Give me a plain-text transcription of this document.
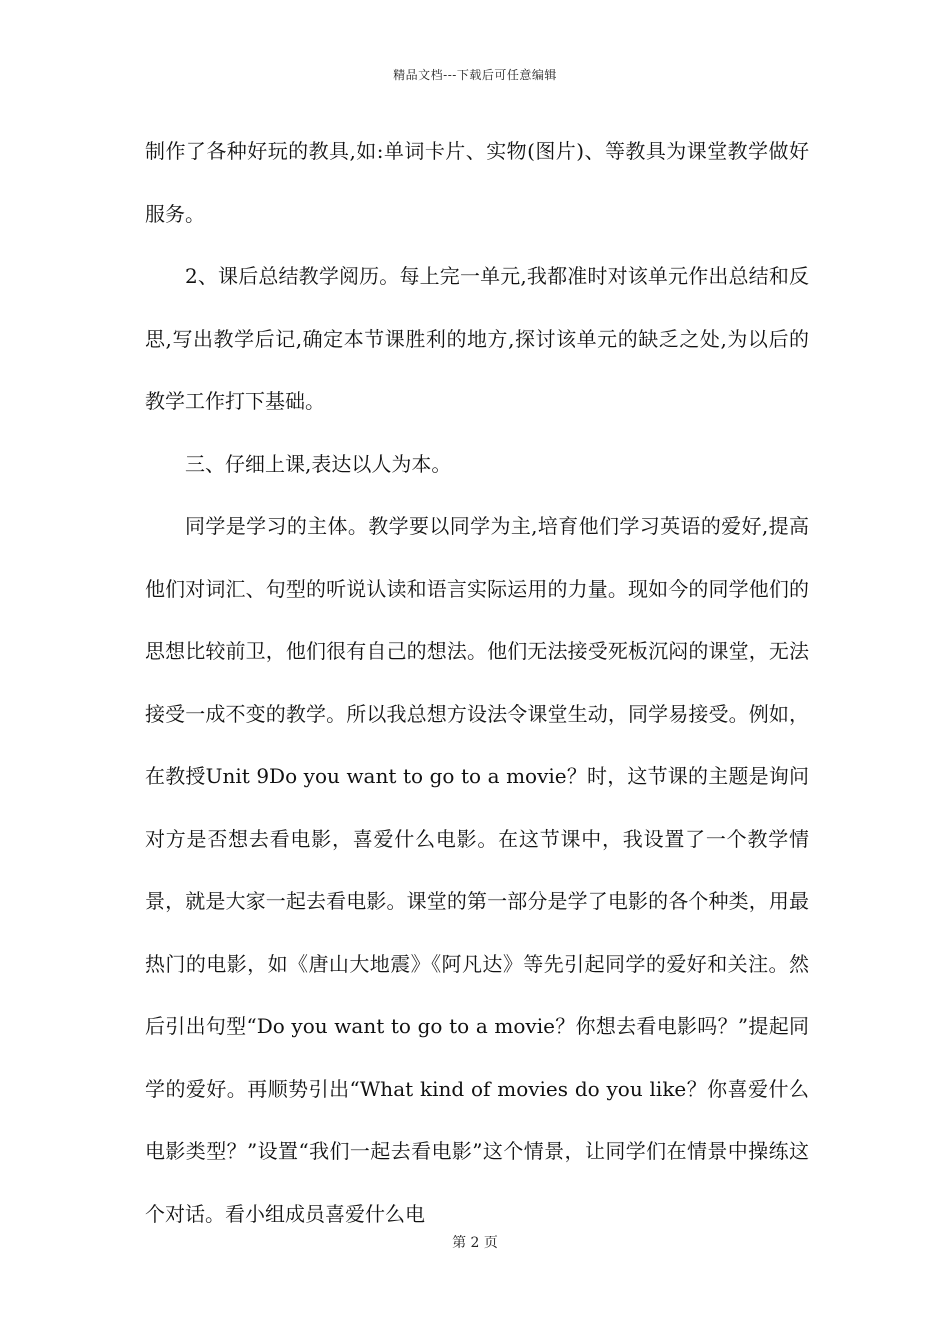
精品文档---下载后可任意编辑

制作了各种好玩的教具,如:单词卡片、实物(图片)、等教具为课堂教学做好服务。

2、课后总结教学阅历。每上完一单元,我都准时对该单元作出总结和反思,写出教学后记,确定本节课胜利的地方,探讨该单元的缺乏之处,为以后的教学工作打下基础。

三、仔细上课,表达以人为本。

同学是学习的主体。教学要以同学为主,培育他们学习英语的爱好,提高他们对词汇、句型的听说认读和语言实际运用的力量。现如今的同学他们的思想比较前卫，他们很有自己的想法。他们无法接受死板沉闷的课堂，无法接受一成不变的教学。所以我总想方设法令课堂生动，同学易接受。例如，在教授Unit 9Do you want to go to a movie？时，这节课的主题是询问对方是否想去看电影，喜爱什么电影。在这节课中，我设置了一个教学情景，就是大家一起去看电影。课堂的第一部分是学了电影的各个种类，用最热门的电影，如《唐山大地震》《阿凡达》等先引起同学的爱好和关注。然后引出句型“Do you want to go to a movie？你想去看电影吗？”提起同学的爱好。再顺势引出“What kind of movies do you like？你喜爱什么电影类型？”设置“我们一起去看电影”这个情景，让同学们在情景中操练这个对话。看小组成员喜爱什么电

第 2 页
